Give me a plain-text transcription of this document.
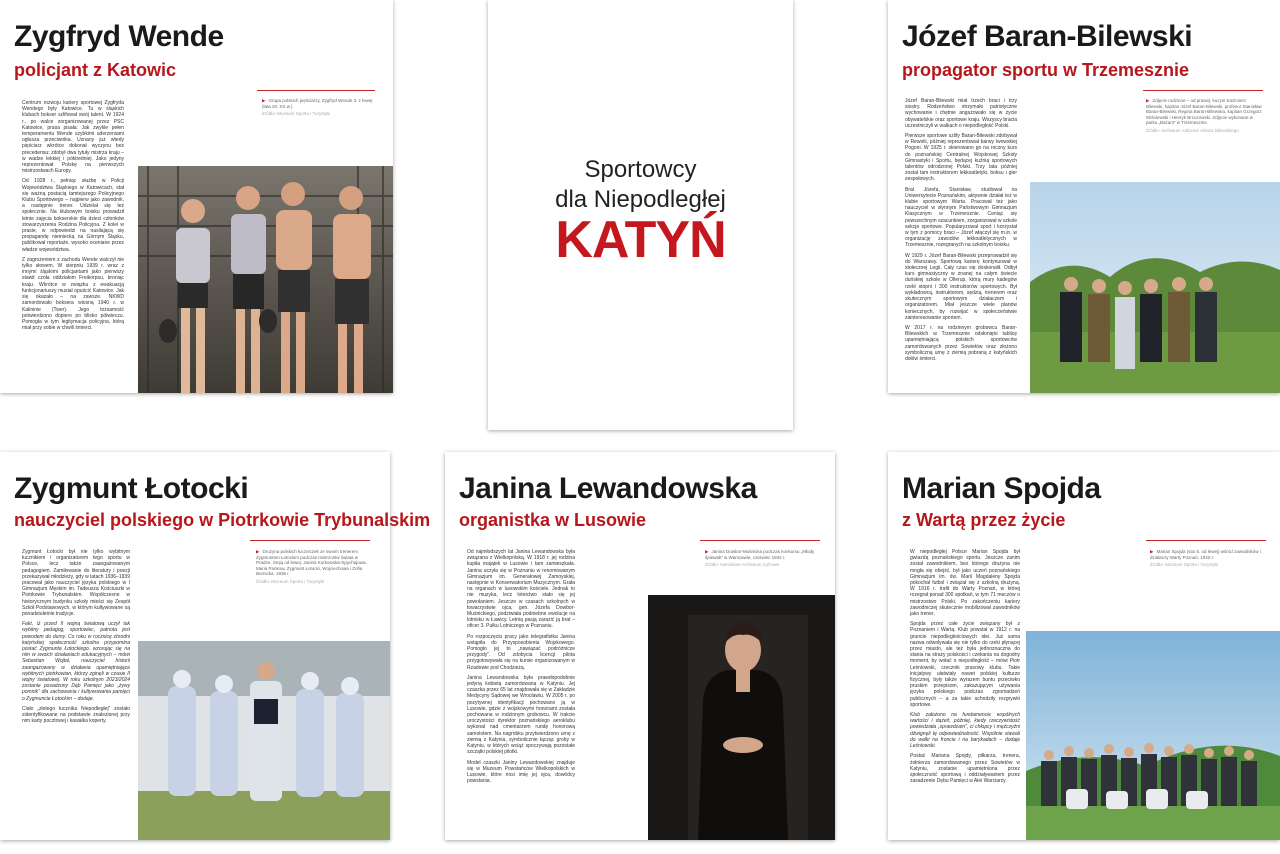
Zygfryd Wende
policjant z Katowic

Centrum rozwoju kariery sportowej Zygfryda Wendego były Katowice. Tu w śląskich klubach bokser szlifował swój talent. W 1924 r., po walce zorganizowanej przez PSC Katowice, prasa pisała: Jak zwykle pełen temperamentu Wende szybkimi uderzeniami ogłusza przeciwnika. Uznany już wtedy pięściarz wkrótce dokonał wyczynu bez precedensu: zdobył dwa tytuły mistrza kraju – w wadze lekkiej i półśredniej. Jako jedyny reprezentował Polskę na pierwszych mistrzostwach Europy.

Od 1928 r., pełniąc służbę w Policji Województwa Śląskiego w Katowicach, stał się ważną postacią tamtejszego Policyjnego Klubu Sportowego – najpierw jako zawodnik, a następnie trener. Udzielał się też społecznie. Na klubowym boisku prowadził letnie zajęcia bokserskie dla dzieci członków stowarzyszenia Rodzina Policyjna. Z kolei w prasie, w odpowiedzi na nasilającą się propagandę niemiecką na Górnym Śląsku, publikował reportaże, wysoko oceniane przez władze województwa.

Z zagrożeniem z zachodu Wende walczył nie tylko słowem. W sierpniu 1939 r. wraz z innymi śląskimi policjantami jako pierwszy stawił czoła oddziałom Freikorpsu, broniąc kraju. Wkrótce w związku z ewakuacją funkcjonariuszy musiał opuścić Katowice. Jak się okazało – na zawsze. NKWD zamordowało boksera wiosną 1940 r. w Kalininie (Twer). Jego tożsamość potwierdzono dopiero po blisko półwieczu. Pomogła w tym legitymacja policyjna, którą miał przy sobie w chwili śmierci.

▶ Grupa polskich pięściarzy, Zygfryd Wende 3. z lewej (lata 20. XX w.)
Źródło: Muzeum Sportu i Turystyki
Sportowcy
dla Niepodległej
KATYŃ
Józef Baran-Bilewski
propagator sportu w Trzemesznie

Józef Baran-Bilewski miał trzech braci i trzy siostry. Rodzeństwo otrzymało patriotyczne wychowanie i chętnie angażowało się w życie obywatelskie oraz sportowe kraju. Wszyscy bracia uczestniczyli w walkach o niepodległość Polski.

Pierwsze sportowe szlify Baran-Bilewski zdobywał w Rewolii, później reprezentował barwy lwowskiej Pogoni. W 1925 r. skierowano go na roczny kurs do poznańskiej Centralnej Wojskowej Szkoły Gimnastyki i Sportu, będącej kuźnią sportowych talentów odrodzonej Polski. Trzy lata później został tam instruktorem lekkoatletyki, boksu i gier zespołowych.

Brat Józefa, Stanisław, studiował na Uniwersytecie Poznańskim, aktywnie działał też w klubie sportowym Warta. Pracował też jako nauczyciel w słynnym Państwowym Gimnazjum Klasycznym w Trzemesznie. Ceniąc się powszechnym szacunkiem, zorganizował w szkole sekcje sportowe. Popularyzował sport i korzystał w tym z pomocy braci – Józef włączył się m.in. w organizację zawodów lekkoatletycznych w Trzemesznie, rozegranych na szkolnym boisku.

W 1929 r. Józef Baran-Bilewski przeprowadził się do Warszawy. Sportową karierę kontynuował w stołecznej Legii. Cały czas się doskonalił. Odbył kurs gimnastyczny w znanej na całym świecie duńskiej szkole w Ollerup, którą mury kadegów rzekł stopni i 300 instruktorów sportowych. Był wykładowcą, instruktorem, sędzią, trenerem oraz skutecznym sportowym działaczem i organizatorem. Miał jeszcze wiele planów koniecznych, by rozwijać w społeczeństwie zainteresowanie sportem.

W 2017 r. na rodzinnym grobowcu Baran-Bilewskich w Trzemesznie odsłonięto tablicę upamiętniającą polskich sportowców zamordowanych przez Sowietów oraz złożono symboliczną urnę z ziemią pobraną z katyńskich dołów śmierci.

▶ Zdjęcie rodzinne – od prawej: kuzyni Kazimierz Bilewski, kapitan Józef Baran-Bilewski, profesor Stanisław Baran-Bilewski, Regina Baran-Bilewska, kapitan Grzegorz Wiśniewski i Henryk Brzozowski. Zdjęcie wykonane w parku „Bażant” w Trzemesznie.
Źródło: archiwum rodzinne Arkusz Bilewskiego
Zygmunt Łotocki
nauczyciel polskiego w Piotrkowie Trybunalskim

Zygmunt Łotocki był nie tylko wybitnym łucznikiem i organizatorem tego sportu w Polsce, lecz także zaangażowanym pedagogiem. Zamiłowanie do literatury i poezji przekazywał młodzieży, gdy w latach 1936–1939 pracował jako nauczyciel języka polskiego w I Gimnazjum Męskim im. Tadeusza Kościuszki w Piotrkowie Trybunalskim. Współczesne w historycznym budynku szkoły mieści się Zespół Szkół Podstawowych, w którym kultywowane są ponadstuletnie tradycje.

Fakt, iż przed II wojną światową uczył tak wybitny pedagog, sportowiec, patriota jest powodem do dumy. Co roku w rocznicę zbrodni katyńskiej społeczność szkolna przypomina postać Zygmunta Łotockiego, wzorując się na nim w swoich działaniach edukacyjnych – mówi Sebastian Wojtal, nauczyciel historii zaangażowany w działania upamiętniające wybitnych piotrkowian, którzy zginęli w czasie II wojny światowej. W roku szkolnym 2023/2024 zostanie posadzony Dąb Pamięci jako „żywy pomnik” dla zachowania i kultywowania pamięci o Zygmuncie Łotockim – dodaje.

Ciało „złotego łucznika Niepodległej” zostało zidentyfikowane na podstawie znalezionej przy nim karty pocztowej i kawałka koperty.

▶ Drużyna polskich łuczniczek ze swoim trenerem Zygmuntem Łotockim podczas mistrzostw świata w Pradze. Stoją od lewej: Janina Kurkowska-Spychajowa, Maria Pankow, Zygmunt Łotocki, Wojciechowa i Zofia Burnicka. 1936 r.
Źródło: Muzeum Sportu i Turystyki
Janina Lewandowska
organistka w Lusowie

Od najmłodszych lat Janina Lewandowska była związana z Wielkopolską. W 1918 r. jej rodzina kupiła majątek w Lusowie i tam zamieszkała. Janina uczyła się w Poznaniu w renomowanym Gimnazjum im. Generałowej Zamoyskiej, następnie w Konserwatorium Muzycznym. Grała na organach w lusowskim kościele. Jednak to nie muzyka, lecz lotnictwo stało się jej powołaniem. Jeszcze w czasach szkolnych w towarzystwie ojca, gen. Józefa Dowbor-Muśnickiego, podziwiała podniebne ewolucje na lotnisku w Ławicy. Letnią pasją zarazić ją brat – oficer 3. Pułku Lotniczego w Poznaniu.

Po rozpoczęciu pracy jako telegrafistka Janina wstąpiła do Przysposobienia Wojskowego. Pomogło jej to „nawiązać podróżnicze przygody”. Od zdobycia licencji pilota przygotowywała się na kursie organizowanym w Rzadowie pod Chodzieżą.

Janina Lewandowska była prawdopodobnie jedyną kobietą zamordowaną w Katyniu. Jej czaszka przez 65 lat znajdowała się w Zakładzie Medycyny Sądowej we Wrocławiu. W 2005 r. po pozytywnej identyfikacji pochowano ją w Lusowie, gdzie z wojskowymi honorami została pochowana w rodzinnym grobowcu. W trakcie uroczystości dyrektor poznańskiego aeroklubu wykonał nad cmentarzem rundę honorową samolotem. Na nagrobku przytwierdzono urnę z ziemią z Katynia, symbolicznie łącząc groby w Katyniu, w których wciąż spoczywają pozostałe szczątki polskiej pilotki.

Model czaszki Janiny Lewandowskiej znajduje się w Muzeum Powstańców Wielkopolskich w Lusowie, które nosi imię jej ojca, dowódcy powstania.

▶ Janina Dowbor-Muśnicka podczas konkursu „Młody śpiewak” w Warszawie, czerwiec 1932 r.
Źródło: Narodowe Archiwum Cyfrowe
Marian Spojda
z Wartą przez życie

W niepodległej Polsce Marian Spojda był gwiazdą poznańskiego sportu. Jeszcze zanim został zawodnikiem, bez którego drużyna nie mogła się obejść, był jako uczeń poznańskiego Gimnazjum im. św. Marii Magdaleny Spojda pokochał futbol i związał się z szkolną drużyną. W 1916 r. trafił do Warty Poznań, w której rozegrał ponad 300 spotkań, w tym 71 meczów o mistrzostwo Polski. Po zakończeniu kariery zawodniczej skutecznie mobilizował zawodników jako trener.

Spojda przez całe życie związany był z Poznaniem i Wartą. Klub powstał w 1912 r. na gruncie niepodległościowych idei. Już sama nazwa odwoływała się nie tylko do rzeki płynącej przez miasto, ale też była jednoznaczna do stania na straży polskości i czekania na dogodny moment, by wołać o niepodległość – mówi Piotr Leśniowski, rzecznik prasowy klubu. Takie inicjatywy ułatwiały nawet polskiej kulturze fizycznej, były także wyrazem buntu przeciwko pruskim przepisom, zakazującym używania języka polskiego podczas zgromadzeń publicznych – a za takie uchodziły rozgrywki sportowe.

Klub założono na fundamencie wspólnych wartości i dążeń, później, kiedy rzeczywistość powiedziała „sprawdzam”, ci chłopcy i mężczyźni dźwignęli tę odpowiedzialność. Wspólnie stawali do walki na froncie i na barykadach – dodaje Leśniowski.

Postać Mariana Spojdy, piłkarza, trenera, żołnierza zamordowanego przez Sowietów w Katyniu, zostanie upamiętniona przez społeczność sportową i oddziaływaniem przez zasadzenie Dębu Pamięci w Alei Warciarzy.

▶ Marian Spojda (stoi 5. od lewej) wśród zawodników i działaczy Warty Poznań, 1920 r.
Źródło: Muzeum Sportu i Turystyki
